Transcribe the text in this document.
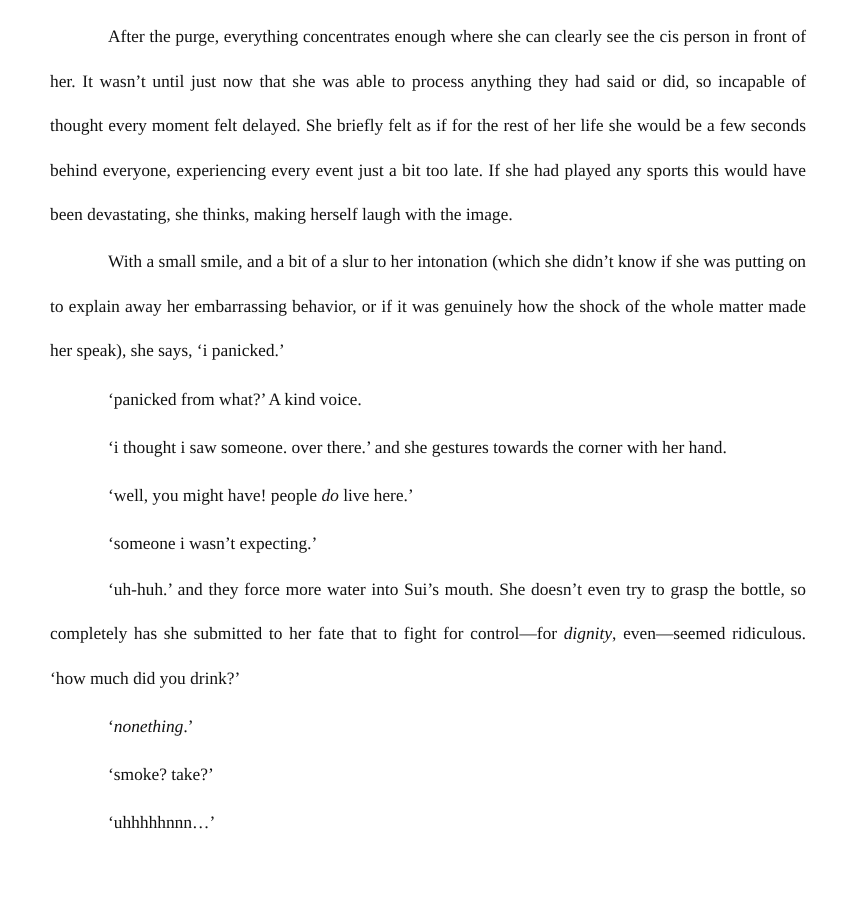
After the purge, everything concentrates enough where she can clearly see the cis person in front of her. It wasn’t until just now that she was able to process anything they had said or did, so incapable of thought every moment felt delayed. She briefly felt as if for the rest of her life she would be a few seconds behind everyone, experiencing every event just a bit too late. If she had played any sports this would have been devastating, she thinks, making herself laugh with the image.

With a small smile, and a bit of a slur to her intonation (which she didn’t know if she was putting on to explain away her embarrassing behavior, or if it was genuinely how the shock of the whole matter made her speak), she says, ‘i panicked.’

‘panicked from what?’ A kind voice.

‘i thought i saw someone. over there.’ and she gestures towards the corner with her hand.

‘well, you might have! people do live here.’

‘someone i wasn’t expecting.’

‘uh-huh.’ and they force more water into Sui’s mouth. She doesn’t even try to grasp the bottle, so completely has she submitted to her fate that to fight for control—for dignity, even—seemed ridiculous. ‘how much did you drink?’

‘nonething.’

‘smoke? take?’

‘uhhhhhnnn…’
